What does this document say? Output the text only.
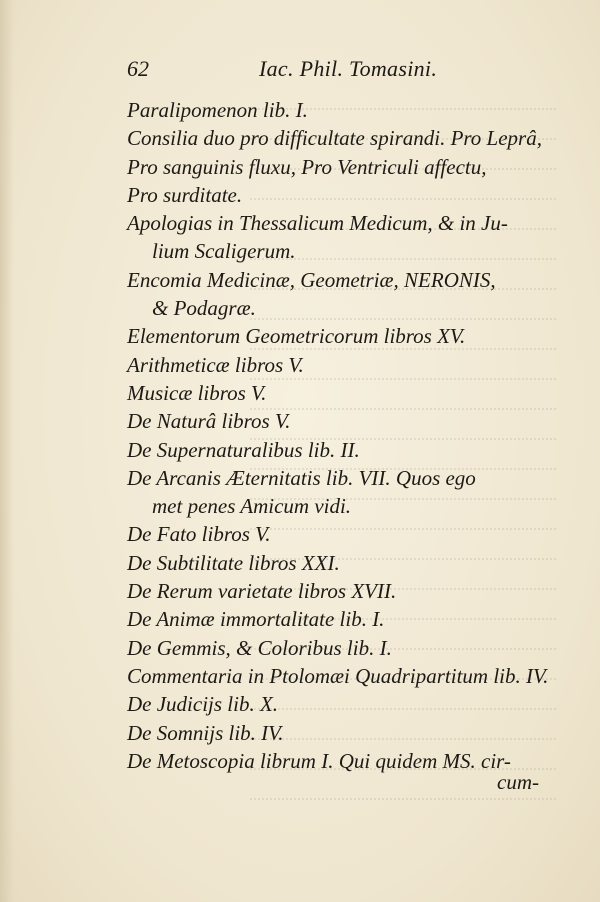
62	Iac. Phil. Tomasini.
Paralipomenon lib. I.
Consilia duo pro difficultate spirandi. Pro Leprâ,
Pro sanguinis fluxu, Pro Ventriculi affectu,
Pro surditate.
Apologias in Thessalicum Medicum, & in Ju-
lium Scaligerum.
Encomia Medicinæ, Geometriæ, NERONIS,
& Podagræ.
Elementorum Geometricorum libros XV.
Arithmeticæ libros V.
Musicæ libros V.
De Naturâ libros V.
De Supernaturalibus lib. II.
De Arcanis Æternitatis lib. VII. Quos ego
met penes Amicum vidi.
De Fato libros V.
De Subtilitate libros XXI.
De Rerum varietate libros XVII.
De Animæ immortalitate lib. I.
De Gemmis, & Coloribus lib. I.
Commentaria in Ptolomæi Quadripartitum lib. IV.
De Judicijs lib. X.
De Somnijs lib. IV.
De Metoscopia librum I. Qui quidem MS. cir-
cum-
